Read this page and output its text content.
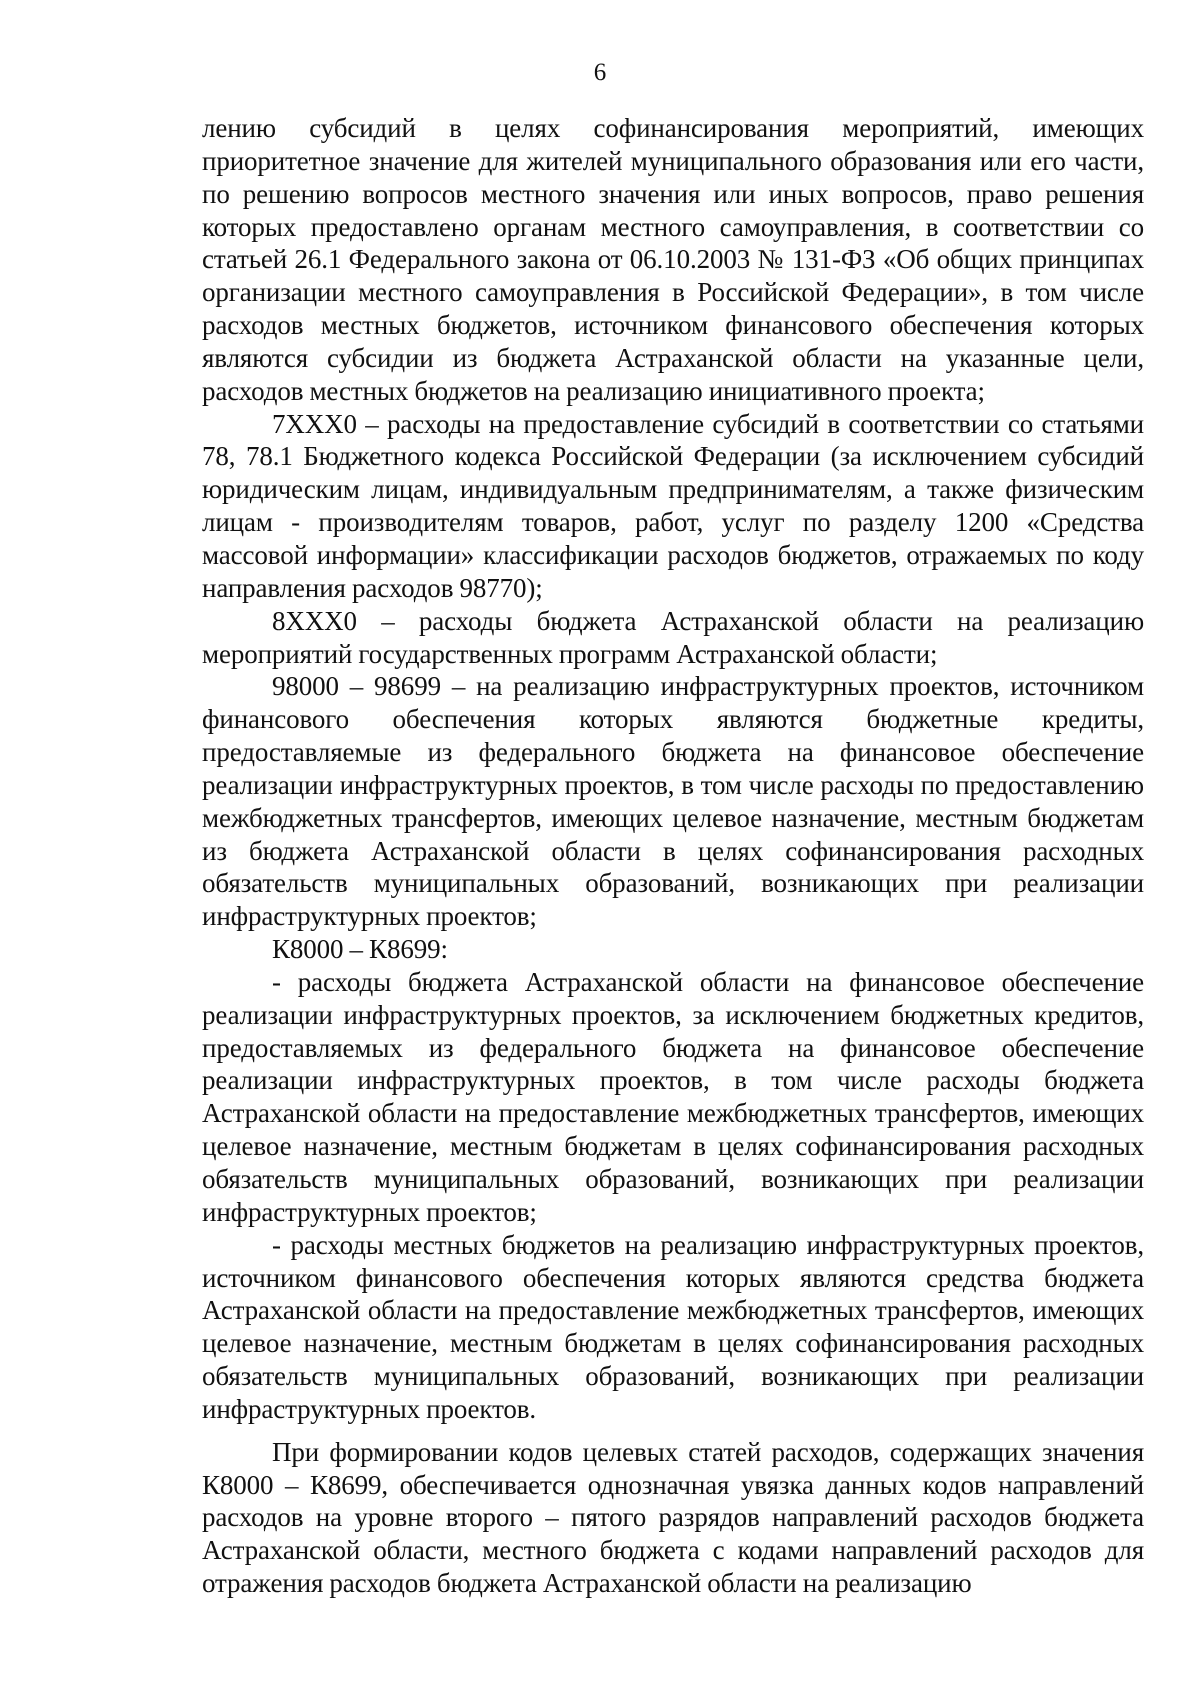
6

лению субсидий в целях софинансирования мероприятий, имеющих приоритетное значение для жителей муниципального образования или его части, по решению вопросов местного значения или иных вопросов, право решения которых предоставлено органам местного самоуправления, в соответствии со статьей 26.1 Федерального закона от 06.10.2003 № 131-ФЗ «Об общих принципах организации местного самоуправления в Российской Федерации», в том числе расходов местных бюджетов, источником финансового обеспечения которых являются субсидии из бюджета Астраханской области на указанные цели, расходов местных бюджетов на реализацию инициативного проекта;

7XXX0 – расходы на предоставление субсидий в соответствии со статьями 78, 78.1 Бюджетного кодекса Российской Федерации (за исключением субсидий юридическим лицам, индивидуальным предпринимателям, а также физическим лицам - производителям товаров, работ, услуг по разделу 1200 «Средства массовой информации» классификации расходов бюджетов, отражаемых по коду направления расходов 98770);

8XXX0 – расходы бюджета Астраханской области на реализацию мероприятий государственных программ Астраханской области;

98000 – 98699 – на реализацию инфраструктурных проектов, источником финансового обеспечения которых являются бюджетные кредиты, предоставляемые из федерального бюджета на финансовое обеспечение реализации инфраструктурных проектов, в том числе расходы по предоставлению межбюджетных трансфертов, имеющих целевое назначение, местным бюджетам из бюджета Астраханской области в целях софинансирования расходных обязательств муниципальных образований, возникающих при реализации инфраструктурных проектов;

К8000 – К8699:

- расходы бюджета Астраханской области на финансовое обеспечение реализации инфраструктурных проектов, за исключением бюджетных кредитов, предоставляемых из федерального бюджета на финансовое обеспечение реализации инфраструктурных проектов, в том числе расходы бюджета Астраханской области на предоставление межбюджетных трансфертов, имеющих целевое назначение, местным бюджетам в целях софинансирования расходных обязательств муниципальных образований, возникающих при реализации инфраструктурных проектов;

- расходы местных бюджетов на реализацию инфраструктурных проектов, источником финансового обеспечения которых являются средства бюджета Астраханской области на предоставление межбюджетных трансфертов, имеющих целевое назначение, местным бюджетам в целях софинансирования расходных обязательств муниципальных образований, возникающих при реализации инфраструктурных проектов.

При формировании кодов целевых статей расходов, содержащих значения К8000 – К8699, обеспечивается однозначная увязка данных кодов направлений расходов на уровне второго – пятого разрядов направлений расходов бюджета Астраханской области, местного бюджета с кодами направлений расходов для отражения расходов бюджета Астраханской области на реализацию
